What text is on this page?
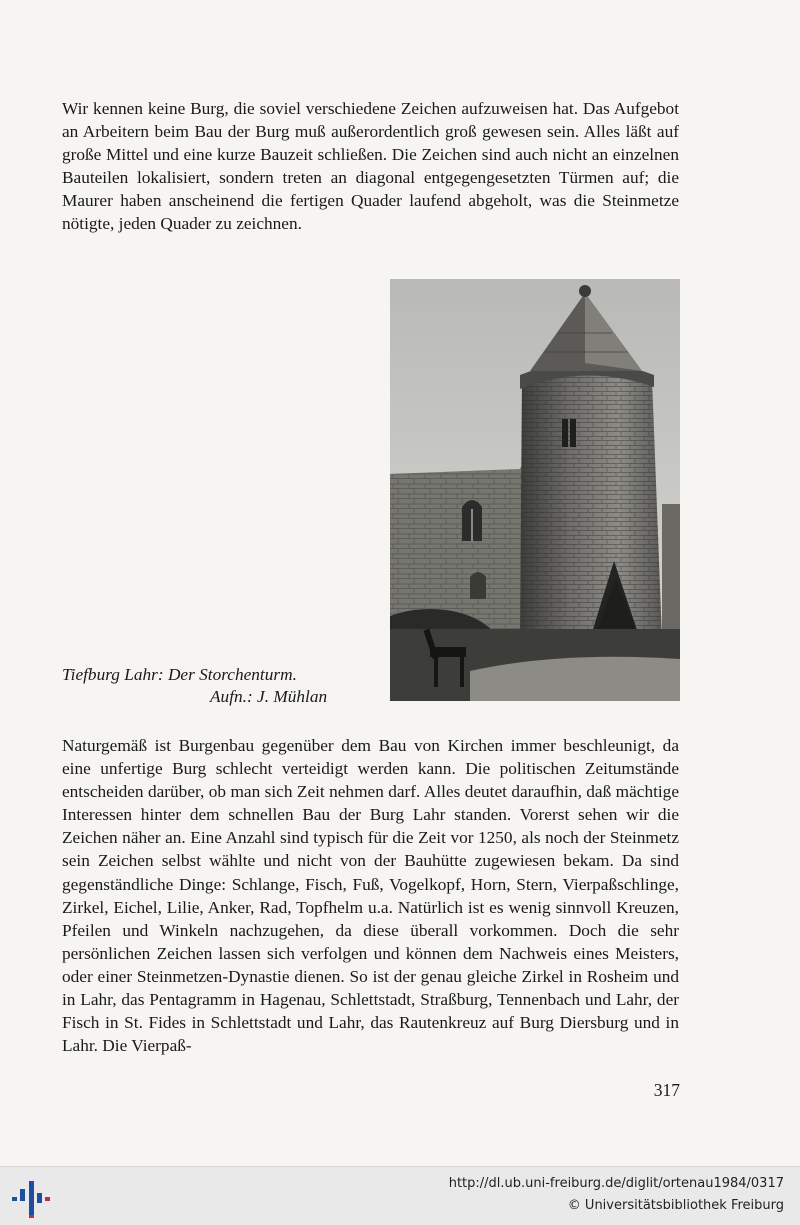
Wir kennen keine Burg, die soviel verschiedene Zeichen aufzuweisen hat. Das Aufgebot an Arbeitern beim Bau der Burg muß außerordentlich groß gewesen sein. Alles läßt auf große Mittel und eine kurze Bauzeit schließen. Die Zeichen sind auch nicht an einzelnen Bauteilen lokalisiert, sondern treten an diagonal entgegengesetzten Türmen auf; die Maurer haben anscheinend die fertigen Quader laufend abgeholt, was die Steinmetze nötigte, jeden Quader zu zeichnen.

Tiefburg Lahr: Der Storchenturm.
Aufn.: J. Mühlan

Naturgemäß ist Burgenbau gegenüber dem Bau von Kirchen immer beschleunigt, da eine unfertige Burg schlecht verteidigt werden kann. Die politischen Zeitumstände entscheiden darüber, ob man sich Zeit nehmen darf. Alles deutet daraufhin, daß mächtige Interessen hinter dem schnellen Bau der Burg Lahr standen. Vorerst sehen wir die Zeichen näher an. Eine Anzahl sind typisch für die Zeit vor 1250, als noch der Steinmetz sein Zeichen selbst wählte und nicht von der Bauhütte zugewiesen bekam. Da sind gegenständliche Dinge: Schlange, Fisch, Fuß, Vogelkopf, Horn, Stern, Vierpaßschlinge, Zirkel, Eichel, Lilie, Anker, Rad, Topfhelm u.a. Natürlich ist es wenig sinnvoll Kreuzen, Pfeilen und Winkeln nachzugehen, da diese überall vorkommen. Doch die sehr persönlichen Zeichen lassen sich verfolgen und können dem Nachweis eines Meisters, oder einer Steinmetzen-Dynastie dienen. So ist der genau gleiche Zirkel in Rosheim und in Lahr, das Pentagramm in Hagenau, Schlettstadt, Straßburg, Tennenbach und Lahr, der Fisch in St. Fides in Schlettstadt und Lahr, das Rautenkreuz auf Burg Diersburg und in Lahr. Die Vierpaß-

317
http://dl.ub.uni-freiburg.de/diglit/ortenau1984/0317
© Universitätsbibliothek Freiburg
